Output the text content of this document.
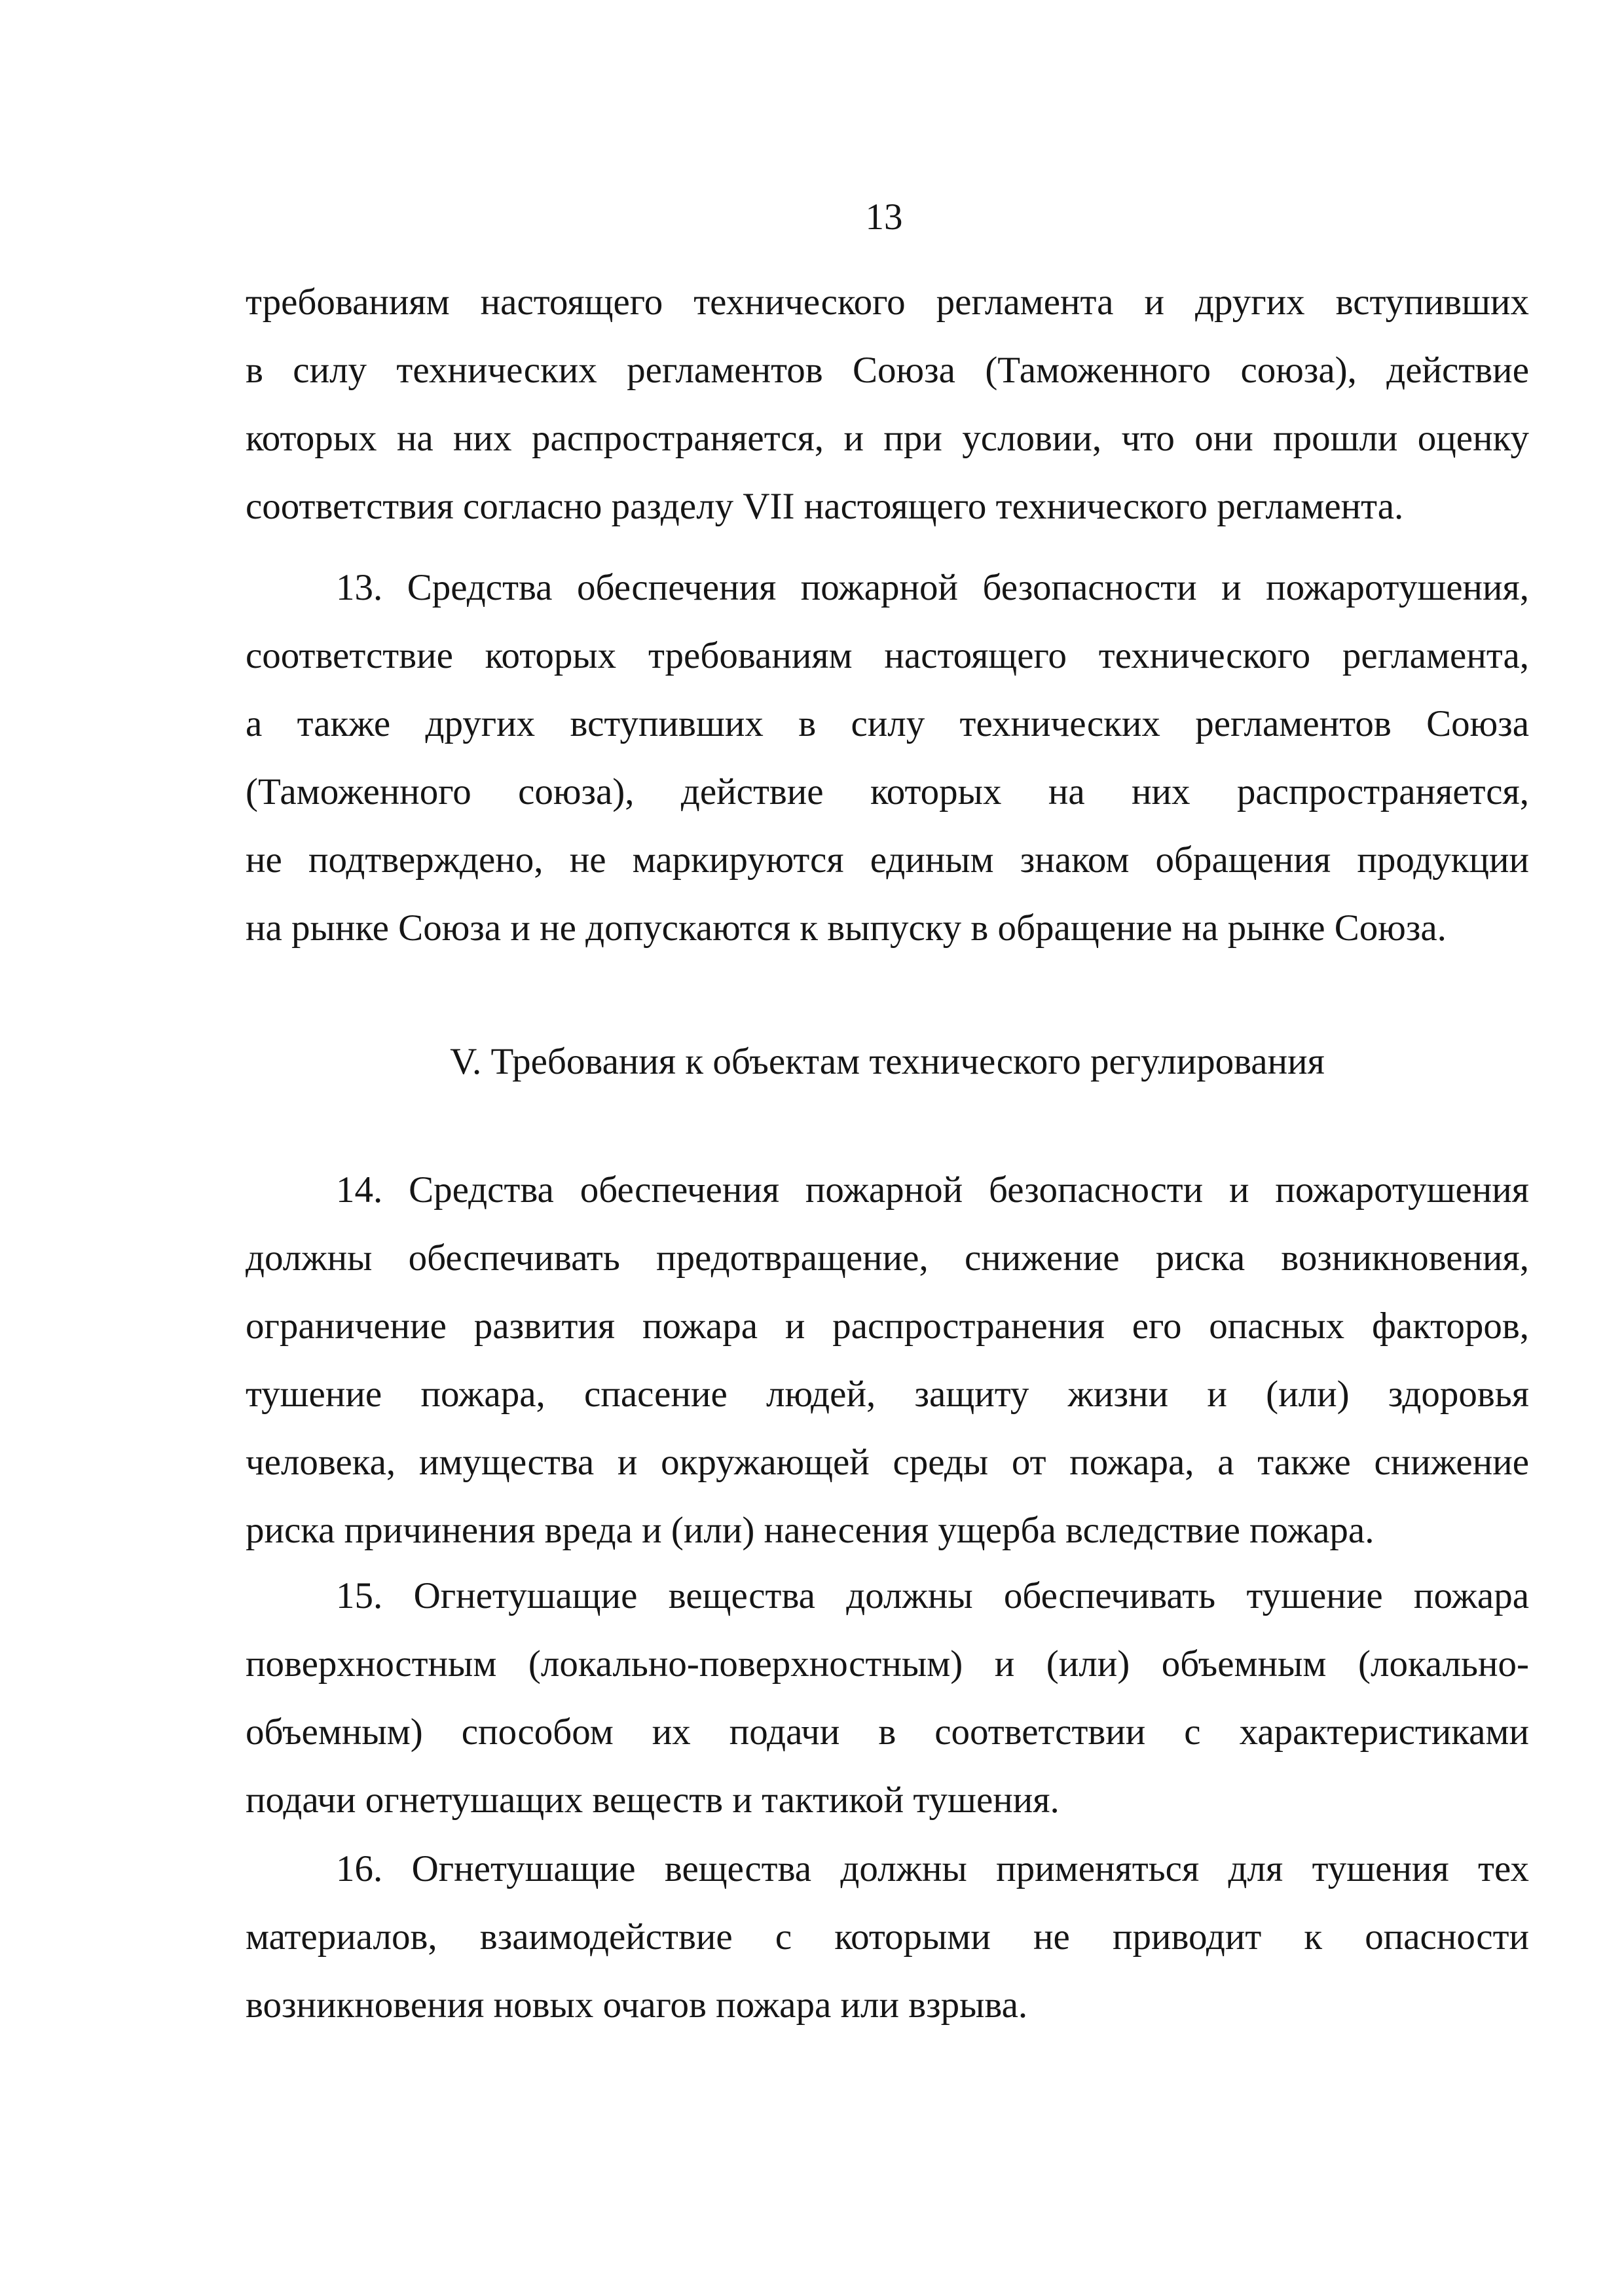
13
требованиям настоящего технического регламента и других вступивших
в силу технических регламентов Союза (Таможенного союза), действие
которых на них распространяется, и при условии, что они прошли оценку
соответствия согласно разделу VII настоящего технического регламента.
13. Средства обеспечения пожарной безопасности и пожаротушения,
соответствие которых требованиям настоящего технического регламента,
а также других вступивших в силу технических регламентов Союза
(Таможенного союза), действие которых на них распространяется,
не подтверждено, не маркируются единым знаком обращения продукции
на рынке Союза и не допускаются к выпуску в обращение на рынке Союза.
V. Требования к объектам технического регулирования
14. Средства обеспечения пожарной безопасности и пожаротушения
должны обеспечивать предотвращение, снижение риска возникновения,
ограничение развития пожара и распространения его опасных факторов,
тушение пожара, спасение людей, защиту жизни и (или) здоровья
человека, имущества и окружающей среды от пожара, а также снижение
риска причинения вреда и (или) нанесения ущерба вследствие пожара.
15. Огнетушащие вещества должны обеспечивать тушение пожара
поверхностным (локально-поверхностным) и (или) объемным (локально-
объемным) способом их подачи в соответствии с характеристиками
подачи огнетушащих веществ и тактикой тушения.
16. Огнетушащие вещества должны применяться для тушения тех
материалов, взаимодействие с которыми не приводит к опасности
возникновения новых очагов пожара или взрыва.
